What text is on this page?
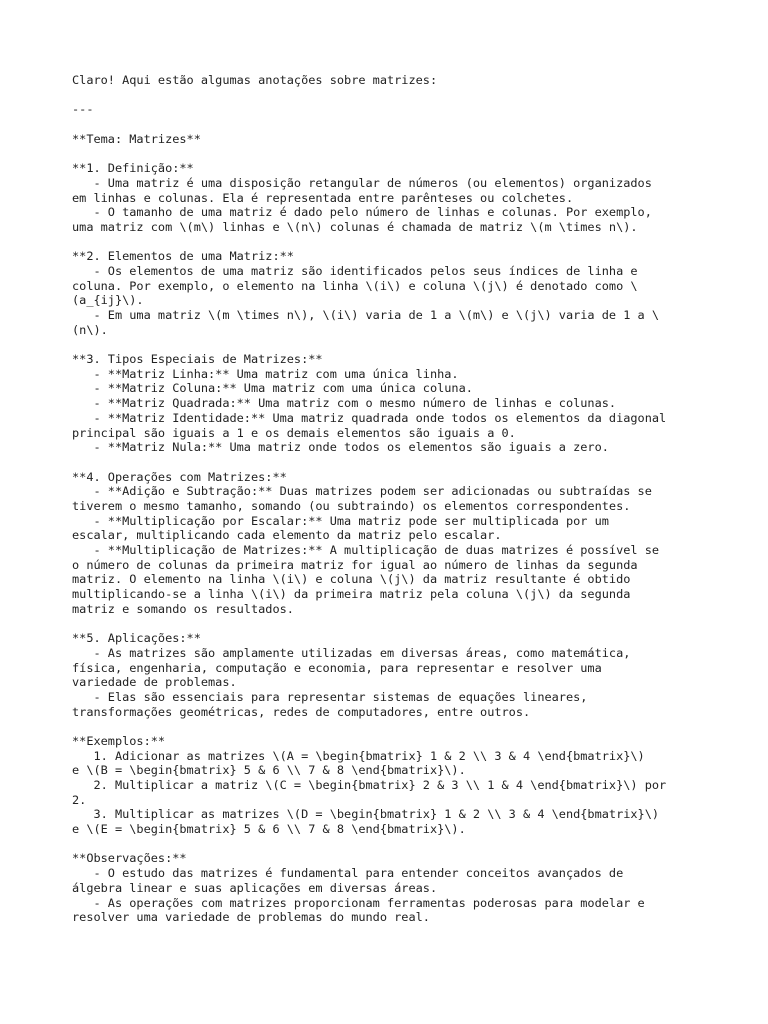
Claro! Aqui estão algumas anotações sobre matrizes:
---
**Tema: Matrizes**
**1. Definição:**
- Uma matriz é uma disposição retangular de números (ou elementos) organizados
em linhas e colunas. Ela é representada entre parênteses ou colchetes.
- O tamanho de uma matriz é dado pelo número de linhas e colunas. Por exemplo,
uma matriz com \(m\) linhas e \(n\) colunas é chamada de matriz \(m \times n\).
**2. Elementos de uma Matriz:**
- Os elementos de uma matriz são identificados pelos seus índices de linha e
coluna. Por exemplo, o elemento na linha \(i\) e coluna \(j\) é denotado como \
(a_{ij}\).
- Em uma matriz \(m \times n\), \(i\) varia de 1 a \(m\) e \(j\) varia de 1 a \
(n\).
**3. Tipos Especiais de Matrizes:**
- **Matriz Linha:** Uma matriz com uma única linha.
- **Matriz Coluna:** Uma matriz com uma única coluna.
- **Matriz Quadrada:** Uma matriz com o mesmo número de linhas e colunas.
- **Matriz Identidade:** Uma matriz quadrada onde todos os elementos da diagonal
principal são iguais a 1 e os demais elementos são iguais a 0.
- **Matriz Nula:** Uma matriz onde todos os elementos são iguais a zero.
**4. Operações com Matrizes:**
- **Adição e Subtração:** Duas matrizes podem ser adicionadas ou subtraídas se
tiverem o mesmo tamanho, somando (ou subtraindo) os elementos correspondentes.
- **Multiplicação por Escalar:** Uma matriz pode ser multiplicada por um
escalar, multiplicando cada elemento da matriz pelo escalar.
- **Multiplicação de Matrizes:** A multiplicação de duas matrizes é possível se
o número de colunas da primeira matriz for igual ao número de linhas da segunda
matriz. O elemento na linha \(i\) e coluna \(j\) da matriz resultante é obtido
multiplicando-se a linha \(i\) da primeira matriz pela coluna \(j\) da segunda
matriz e somando os resultados.
**5. Aplicações:**
- As matrizes são amplamente utilizadas em diversas áreas, como matemática,
física, engenharia, computação e economia, para representar e resolver uma
variedade de problemas.
- Elas são essenciais para representar sistemas de equações lineares,
transformações geométricas, redes de computadores, entre outros.
**Exemplos:**
1. Adicionar as matrizes \(A = \begin{bmatrix} 1 & 2 \\ 3 & 4 \end{bmatrix}\)
e \(B = \begin{bmatrix} 5 & 6 \\ 7 & 8 \end{bmatrix}\).
2. Multiplicar a matriz \(C = \begin{bmatrix} 2 & 3 \\ 1 & 4 \end{bmatrix}\) por
2.
3. Multiplicar as matrizes \(D = \begin{bmatrix} 1 & 2 \\ 3 & 4 \end{bmatrix}\)
e \(E = \begin{bmatrix} 5 & 6 \\ 7 & 8 \end{bmatrix}\).
**Observações:**
- O estudo das matrizes é fundamental para entender conceitos avançados de
álgebra linear e suas aplicações em diversas áreas.
- As operações com matrizes proporcionam ferramentas poderosas para modelar e
resolver uma variedade de problemas do mundo real.
